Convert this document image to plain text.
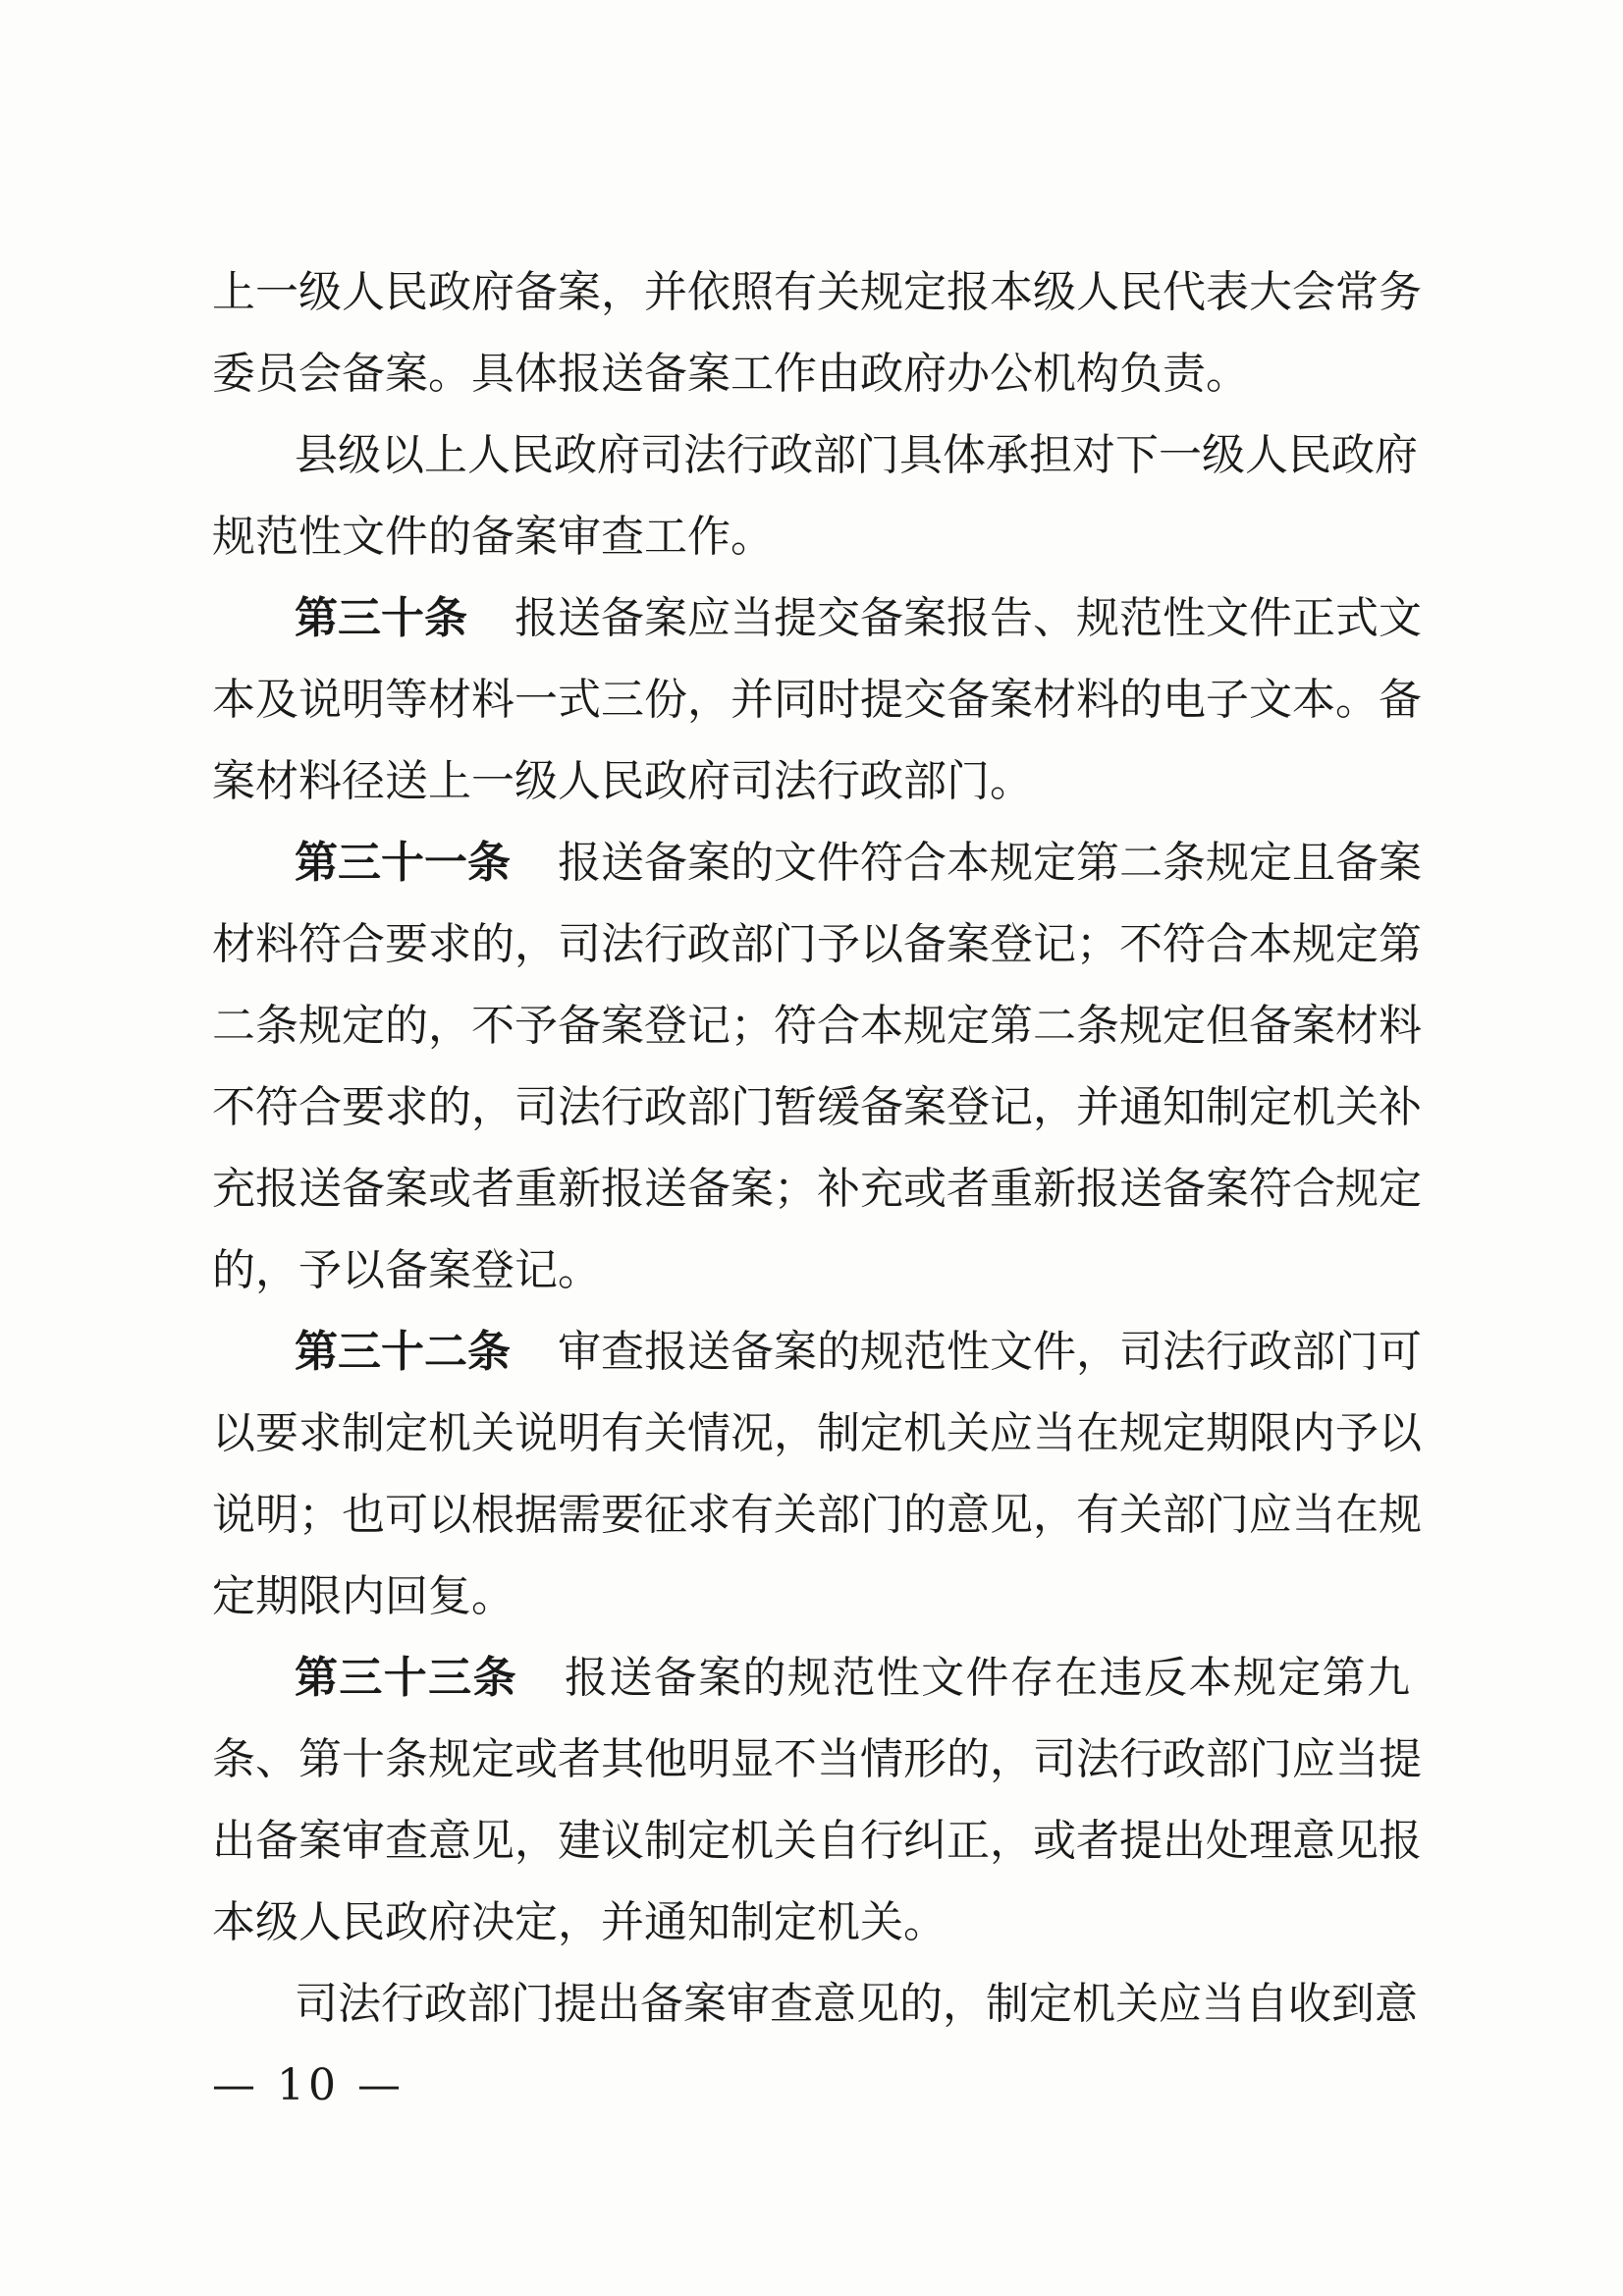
上一级人民政府备案，并依照有关规定报本级人民代表大会常务
委员会备案。具体报送备案工作由政府办公机构负责。
县级以上人民政府司法行政部门具体承担对下一级人民政府
规范性文件的备案审查工作。
第三十条 报送备案应当提交备案报告、规范性文件正式文
本及说明等材料一式三份，并同时提交备案材料的电子文本。备
案材料径送上一级人民政府司法行政部门。
第三十一条 报送备案的文件符合本规定第二条规定且备案
材料符合要求的，司法行政部门予以备案登记；不符合本规定第
二条规定的，不予备案登记；符合本规定第二条规定但备案材料
不符合要求的，司法行政部门暂缓备案登记，并通知制定机关补
充报送备案或者重新报送备案；补充或者重新报送备案符合规定
的，予以备案登记。
第三十二条 审查报送备案的规范性文件，司法行政部门可
以要求制定机关说明有关情况，制定机关应当在规定期限内予以
说明；也可以根据需要征求有关部门的意见，有关部门应当在规
定期限内回复。
第三十三条 报送备案的规范性文件存在违反本规定第九
条、第十条规定或者其他明显不当情形的，司法行政部门应当提
出备案审查意见，建议制定机关自行纠正，或者提出处理意见报
本级人民政府决定，并通知制定机关。
司法行政部门提出备案审查意见的，制定机关应当自收到意
— 10 —
